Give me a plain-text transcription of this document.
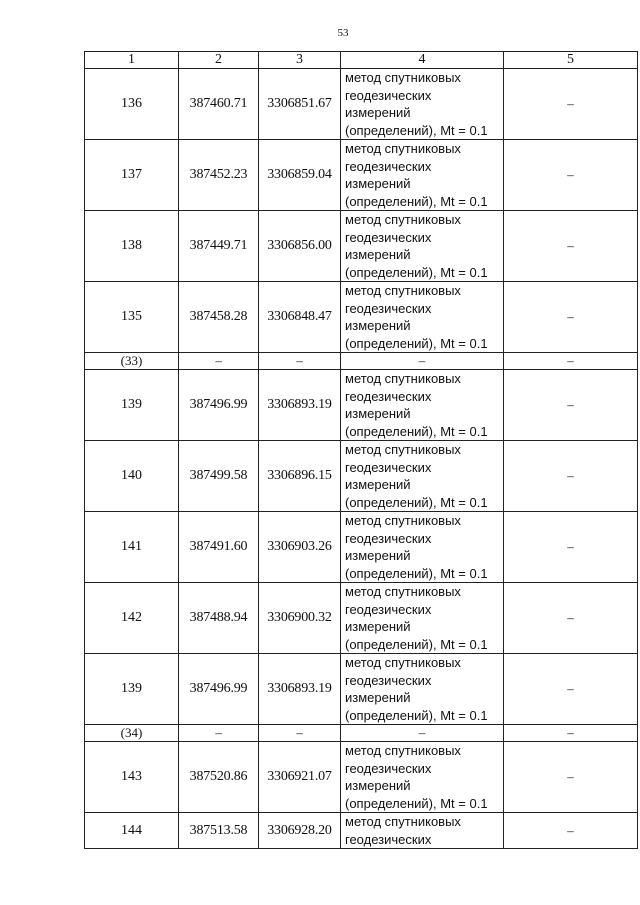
53
1	2	3	4	5
136	387460.71	3306851.67	метод спутниковых
геодезических
измерений
(определений), Mt = 0.1	–
137	387452.23	3306859.04	метод спутниковых
геодезических
измерений
(определений), Mt = 0.1	–
138	387449.71	3306856.00	метод спутниковых
геодезических
измерений
(определений), Mt = 0.1	–
135	387458.28	3306848.47	метод спутниковых
геодезических
измерений
(определений), Mt = 0.1	–
(33)	–	–	–	–
139	387496.99	3306893.19	метод спутниковых
геодезических
измерений
(определений), Mt = 0.1	–
140	387499.58	3306896.15	метод спутниковых
геодезических
измерений
(определений), Mt = 0.1	–
141	387491.60	3306903.26	метод спутниковых
геодезических
измерений
(определений), Mt = 0.1	–
142	387488.94	3306900.32	метод спутниковых
геодезических
измерений
(определений), Mt = 0.1	–
139	387496.99	3306893.19	метод спутниковых
геодезических
измерений
(определений), Mt = 0.1	–
(34)	–	–	–	–
143	387520.86	3306921.07	метод спутниковых
геодезических
измерений
(определений), Mt = 0.1	–
144	387513.58	3306928.20	метод спутниковых
геодезических	–
